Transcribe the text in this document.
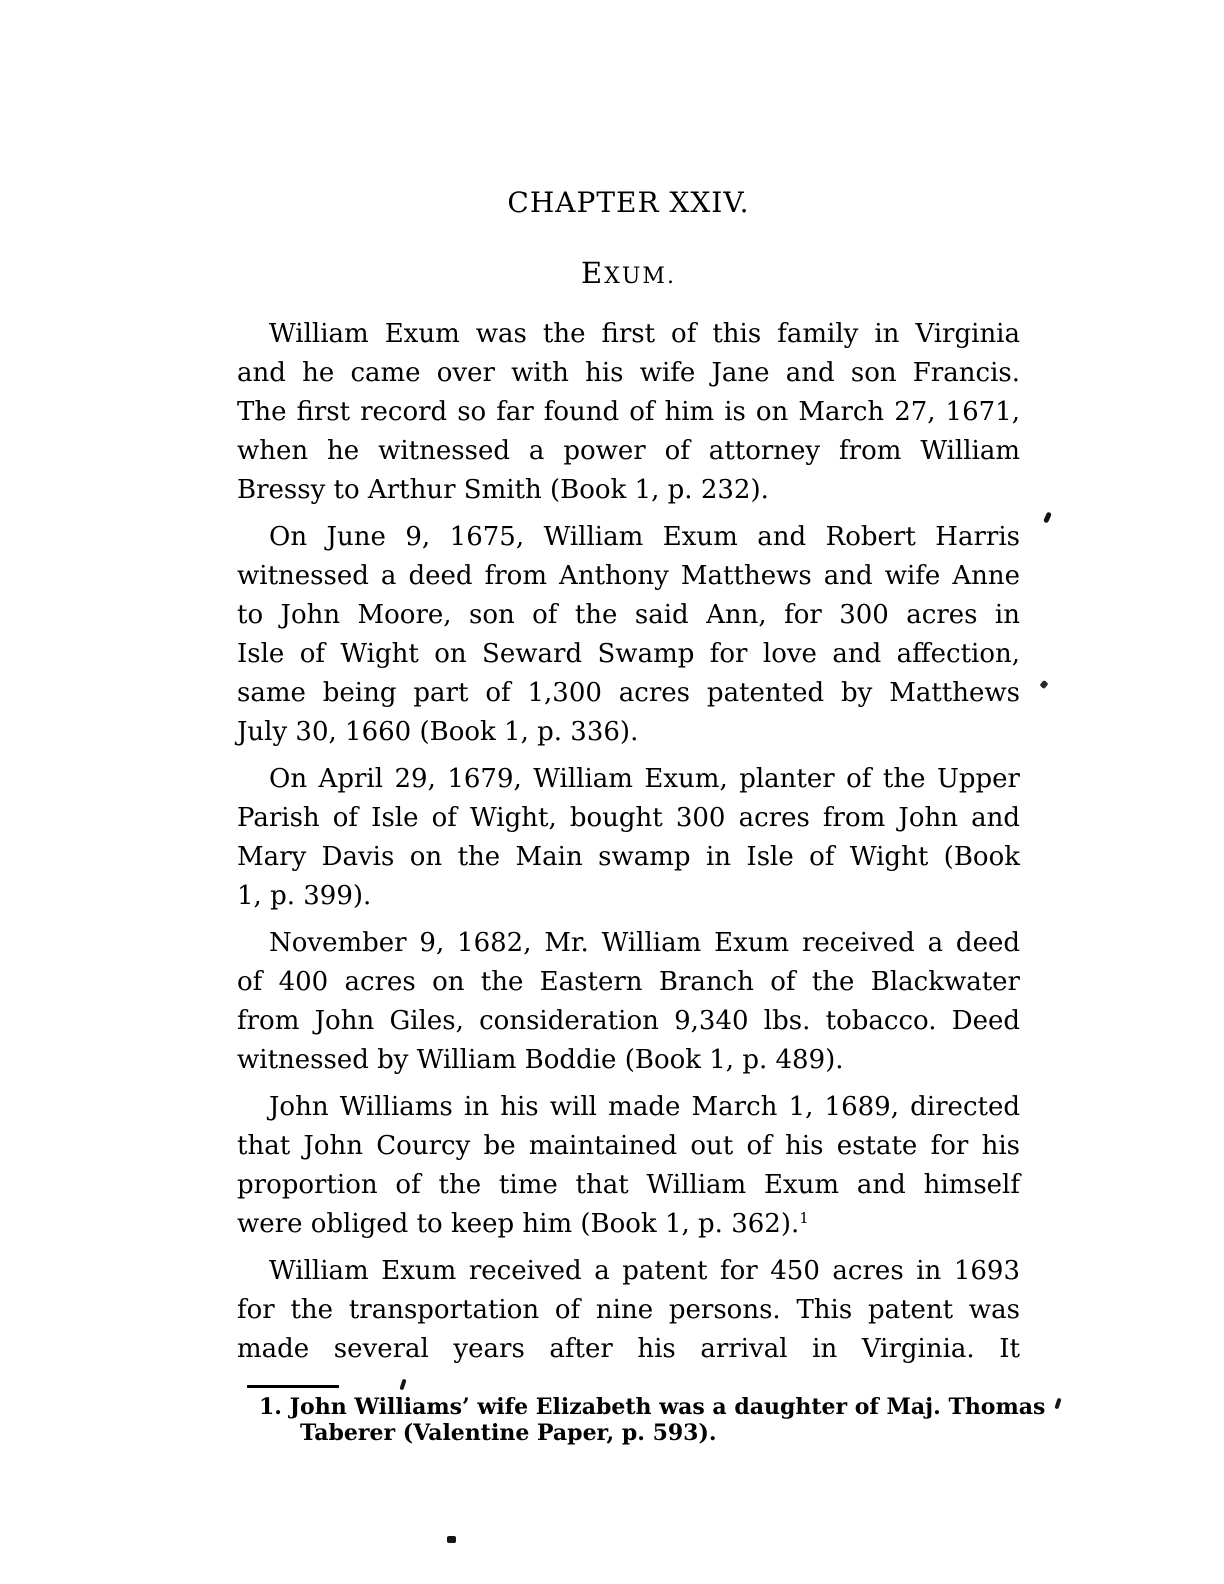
CHAPTER XXIV.
EXUM.
William Exum was the first of this family in Virginia
and he came over with his wife Jane and son Francis.
The first record so far found of him is on March 27, 1671,
when he witnessed a power of attorney from William
Bressy to Arthur Smith (Book 1, p. 232).
On June 9, 1675, William Exum and Robert Harris
witnessed a deed from Anthony Matthews and wife Anne
to John Moore, son of the said Ann, for 300 acres in
Isle of Wight on Seward Swamp for love and affection,
same being part of 1,300 acres patented by Matthews
July 30, 1660 (Book 1, p. 336).
On April 29, 1679, William Exum, planter of the Upper
Parish of Isle of Wight, bought 300 acres from John and
Mary Davis on the Main swamp in Isle of Wight (Book
1, p. 399).
November 9, 1682, Mr. William Exum received a deed
of 400 acres on the Eastern Branch of the Blackwater
from John Giles, consideration 9,340 lbs. tobacco. Deed
witnessed by William Boddie (Book 1, p. 489).
John Williams in his will made March 1, 1689, directed
that John Courcy be maintained out of his estate for his
proportion of the time that William Exum and himself
were obliged to keep him (Book 1, p. 362).$^1$
William Exum received a patent for 450 acres in 1693
for the transportation of nine persons. This patent was
made several years after his arrival in Virginia. It
1. John Williams’ wife Elizabeth was a daughter of Maj. Thomas
Taberer (Valentine Paper, p. 593).
